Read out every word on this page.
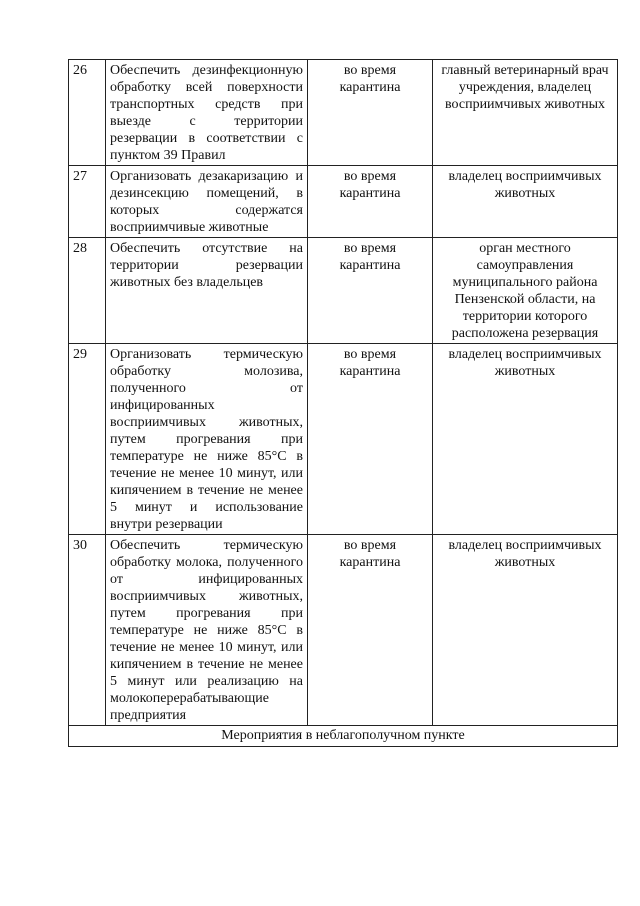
26	Обеспечить дезинфекционную обработку всей поверхности транспортных средств при выезде с территории резервации в соответствии с пунктом 39 Правил	во время карантина	главный ветеринарный врач учреждения, владелец восприимчивых животных
27	Организовать дезакаризацию и дезинсекцию помещений, в которых содержатся восприимчивые животные	во время карантина	владелец восприимчивых животных
28	Обеспечить отсутствие на территории резервации животных без владельцев	во время карантина	орган местного самоуправления муниципального района Пензенской области, на территории которого расположена резервация
29	Организовать термическую обработку молозива, полученного от инфицированных восприимчивых животных, путем прогревания при температуре не ниже 85°С в течение не менее 10 минут, или кипячением в течение не менее 5 минут и использование внутри резервации	во время карантина	владелец восприимчивых животных
30	Обеспечить термическую обработку молока, полученного от инфицированных восприимчивых животных, путем прогревания при температуре не ниже 85°С в течение не менее 10 минут, или кипячением в течение не менее 5 минут или реализацию на молокоперерабатывающие предприятия	во время карантина	владелец восприимчивых животных
Мероприятия в неблагополучном пункте			
